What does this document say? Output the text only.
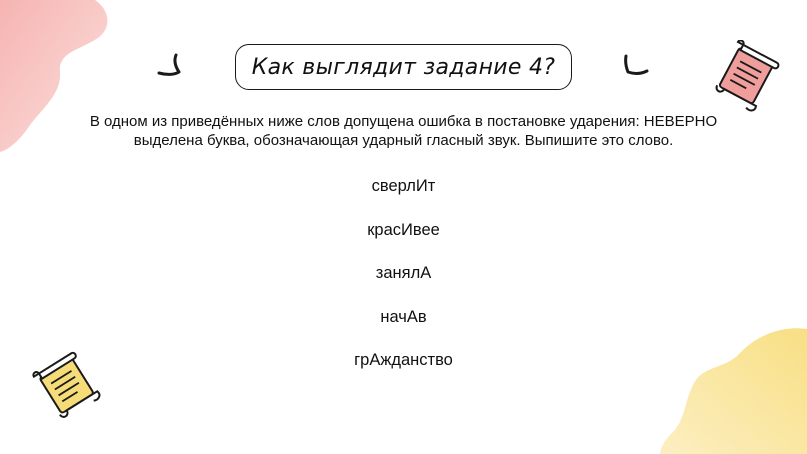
Как выглядит задание 4?
В одном из приведённых ниже слов допущена ошибка в постановке ударения: НЕВЕРНО выделена буква, обозначающая ударный гласный звук. Выпишите это слово.
сверлИт
красИвее
занялА
начАв
грАжданство
